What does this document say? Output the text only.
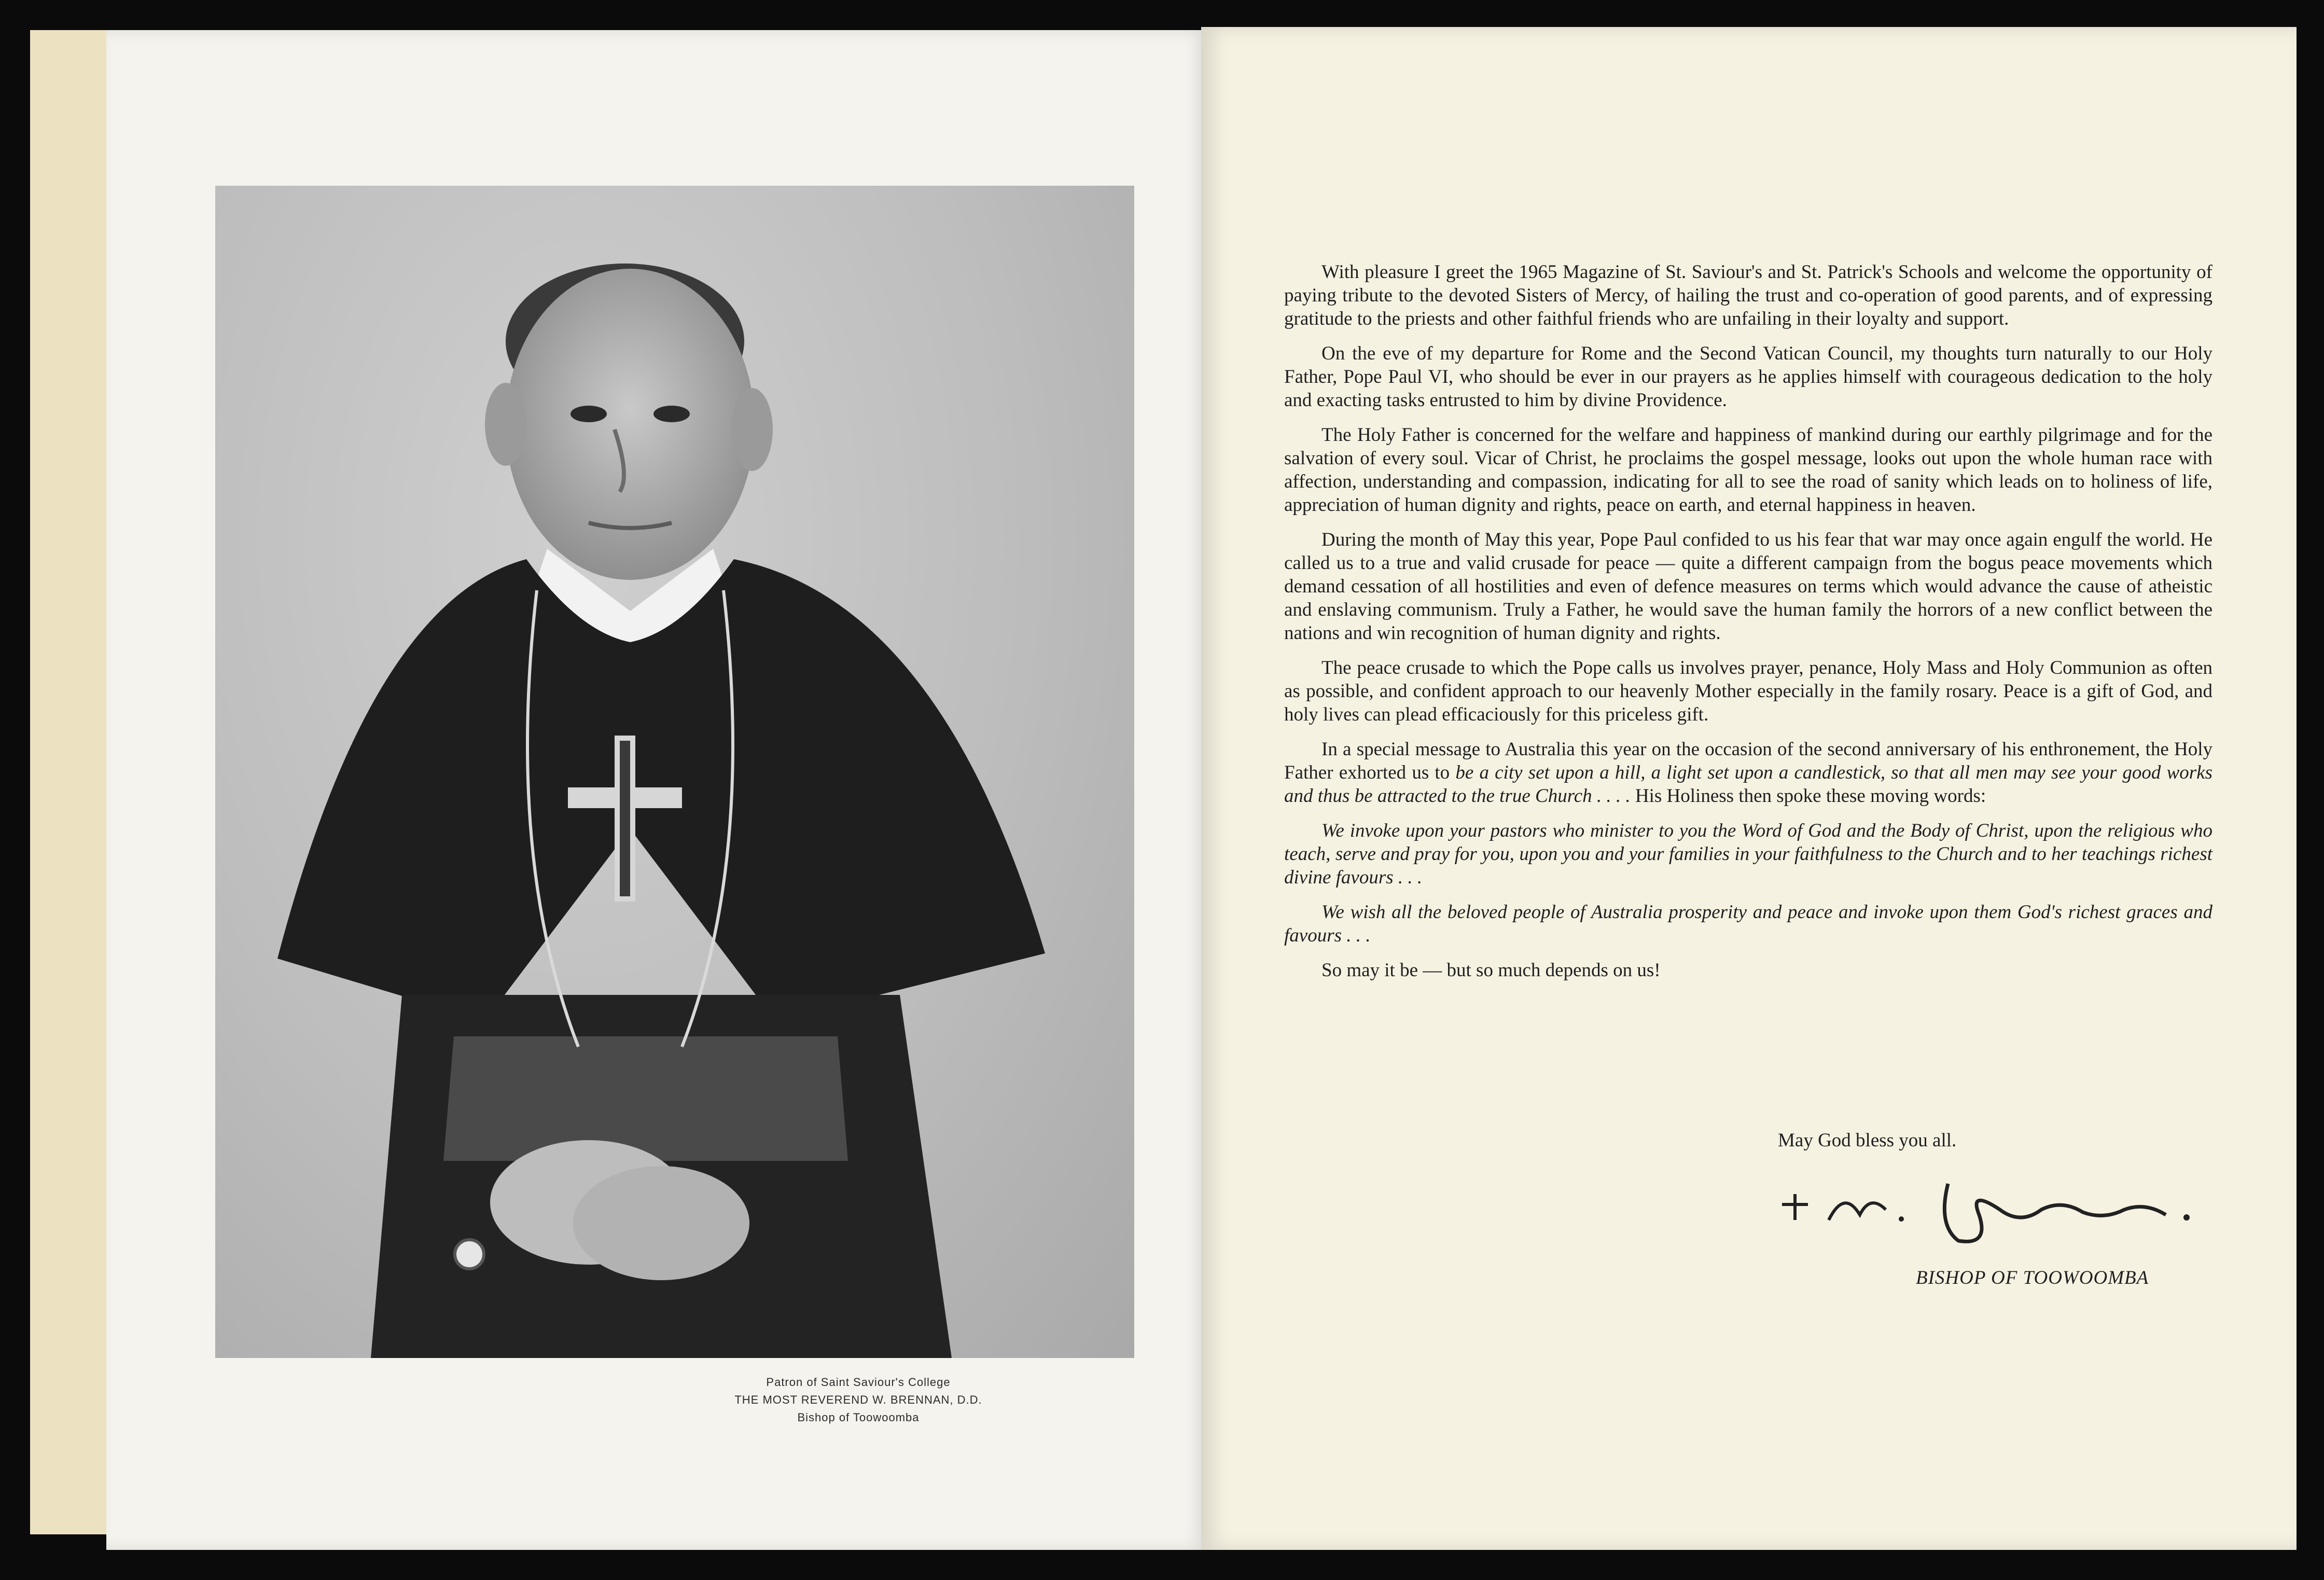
Patron of Saint Saviour's College
THE MOST REVEREND W. BRENNAN, D.D.
Bishop of Toowoomba

With pleasure I greet the 1965 Magazine of St. Saviour's and St. Patrick's Schools and welcome the opportunity of paying tribute to the devoted Sisters of Mercy, of hailing the trust and co-operation of good parents, and of expressing gratitude to the priests and other faithful friends who are unfailing in their loyalty and support.

On the eve of my departure for Rome and the Second Vatican Council, my thoughts turn naturally to our Holy Father, Pope Paul VI, who should be ever in our prayers as he applies himself with courageous dedication to the holy and exacting tasks entrusted to him by divine Providence.

The Holy Father is concerned for the welfare and happiness of mankind during our earthly pilgrimage and for the salvation of every soul. Vicar of Christ, he proclaims the gospel message, looks out upon the whole human race with affection, understanding and compassion, indicating for all to see the road of sanity which leads on to holiness of life, appreciation of human dignity and rights, peace on earth, and eternal happiness in heaven.

During the month of May this year, Pope Paul confided to us his fear that war may once again engulf the world. He called us to a true and valid crusade for peace — quite a different campaign from the bogus peace movements which demand cessation of all hostilities and even of defence measures on terms which would advance the cause of atheistic and enslaving communism. Truly a Father, he would save the human family the horrors of a new conflict between the nations and win recognition of human dignity and rights.

The peace crusade to which the Pope calls us involves prayer, penance, Holy Mass and Holy Communion as often as possible, and confident approach to our heavenly Mother especially in the family rosary. Peace is a gift of God, and holy lives can plead efficaciously for this priceless gift.

In a special message to Australia this year on the occasion of the second anniversary of his enthronement, the Holy Father exhorted us to be a city set upon a hill, a light set upon a candlestick, so that all men may see your good works and thus be attracted to the true Church . . . . His Holiness then spoke these moving words:

We invoke upon your pastors who minister to you the Word of God and the Body of Christ, upon the religious who teach, serve and pray for you, upon you and your families in your faithfulness to the Church and to her teachings richest divine favours . . .

We wish all the beloved people of Australia prosperity and peace and invoke upon them God's richest graces and favours . . .

So may it be — but so much depends on us!

May God bless you all.
BISHOP OF TOOWOOMBA
